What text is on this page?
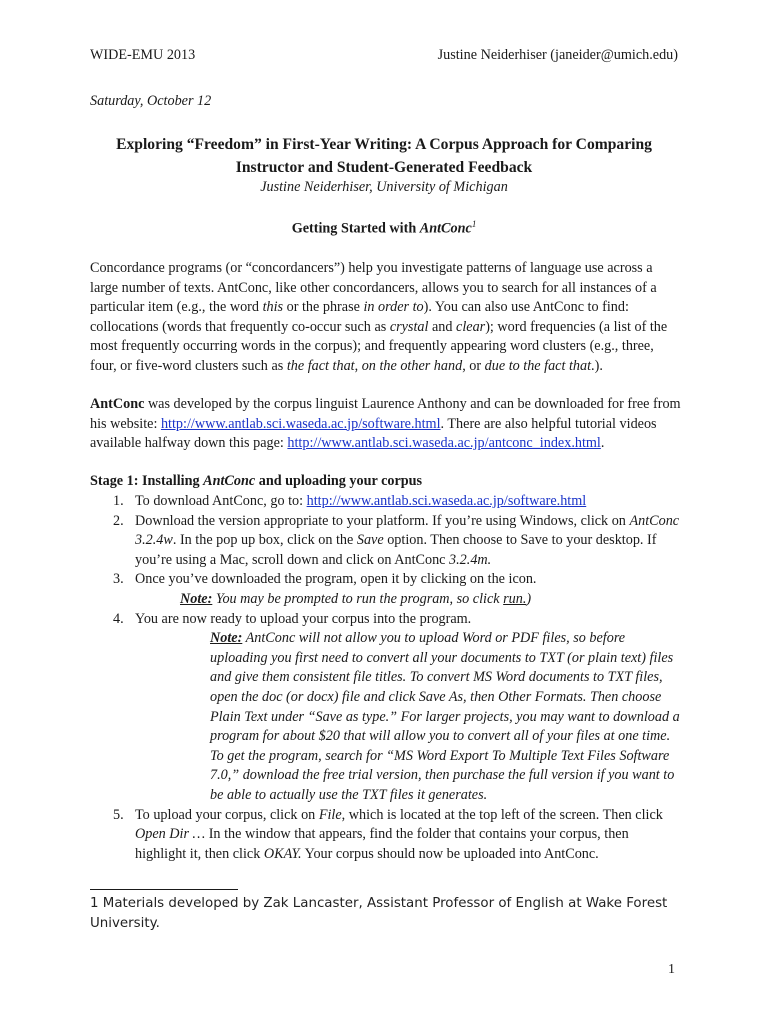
WIDE-EMU 2013	Justine Neiderhiser (janeider@umich.edu)
Saturday, October 12
Exploring “Freedom” in First-Year Writing: A Corpus Approach for Comparing
Instructor and Student-Generated Feedback
Justine Neiderhiser, University of Michigan
Getting Started with AntConc$^1$

Concordance programs (or “concordancers”) help you investigate patterns of language use across a large number of texts. AntConc, like other concordancers, allows you to search for all instances of a particular item (e.g., the word this or the phrase in order to). You can also use AntConc to find: collocations (words that frequently co-occur such as crystal and clear); word frequencies (a list of the most frequently occurring words in the corpus); and frequently appearing word clusters (e.g., three, four, or five-word clusters such as the fact that, on the other hand, or due to the fact that.).

AntConc was developed by the corpus linguist Laurence Anthony and can be downloaded for free from his website: http://www.antlab.sci.waseda.ac.jp/software.html. There are also helpful tutorial videos available halfway down this page: http://www.antlab.sci.waseda.ac.jp/antconc_index.html.

Stage 1: Installing AntConc and uploading your corpus
1. To download AntConc, go to: http://www.antlab.sci.waseda.ac.jp/software.html
2. Download the version appropriate to your platform. If you’re using Windows, click on AntConc 3.2.4w. In the pop up box, click on the Save option. Then choose to Save to your desktop. If you’re using a Mac, scroll down and click on AntConc 3.2.4m.
3. Once you’ve downloaded the program, open it by clicking on the icon.
Note: You may be prompted to run the program, so click run.)
4. You are now ready to upload your corpus into the program.
Note: AntConc will not allow you to upload Word or PDF files, so before uploading you first need to convert all your documents to TXT (or plain text) files and give them consistent file titles. To convert MS Word documents to TXT files, open the doc (or docx) file and click Save As, then Other Formats. Then choose Plain Text under “Save as type.” For larger projects, you may want to download a program for about $20 that will allow you to convert all of your files at one time. To get the program, search for “MS Word Export To Multiple Text Files Software 7.0,” download the free trial version, then purchase the full version if you want to be able to actually use the TXT files it generates.
5. To upload your corpus, click on File, which is located at the top left of the screen. Then click Open Dir … In the window that appears, find the folder that contains your corpus, then highlight it, then click OKAY. Your corpus should now be uploaded into AntConc.
1 Materials developed by Zak Lancaster, Assistant Professor of English at Wake Forest University.
1
